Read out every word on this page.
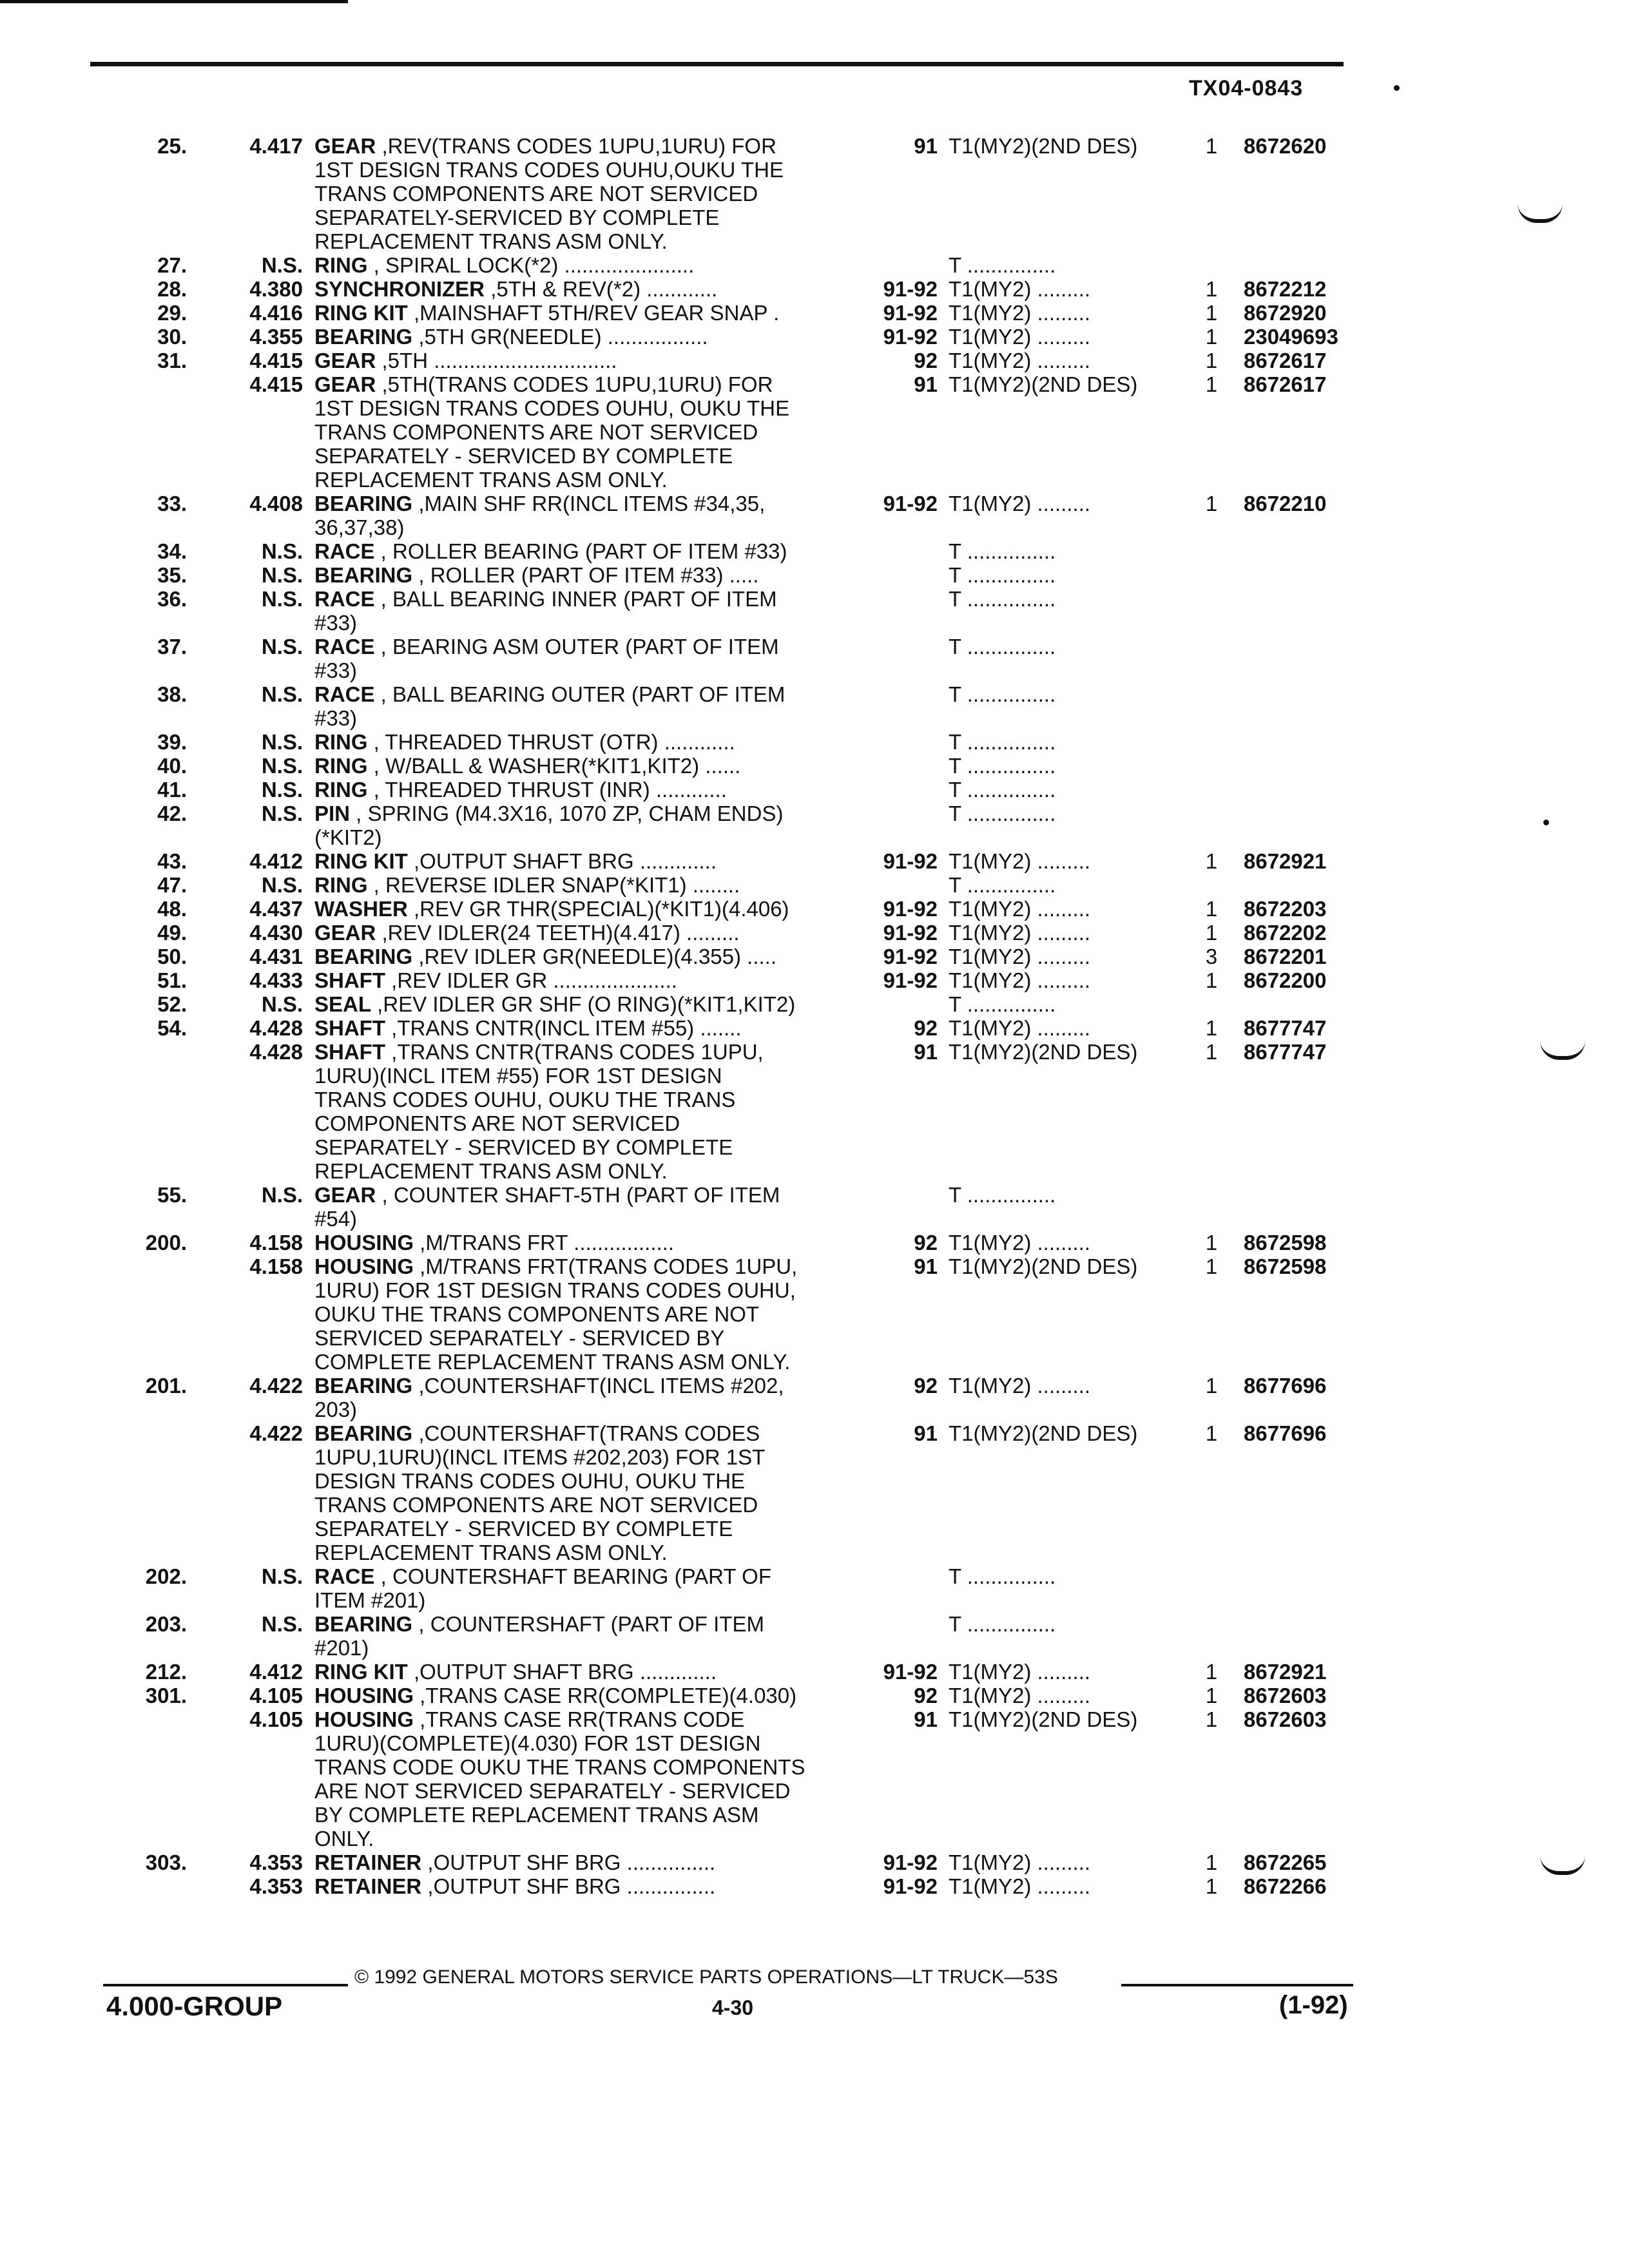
TX04-0843
25.	4.417 GEAR ,REV(TRANS CODES 1UPU,1URU) FOR	91 T1(MY2)(2ND DES)	1	8672620
1ST DESIGN TRANS CODES OUHU,OUKU THE
TRANS COMPONENTS ARE NOT SERVICED
SEPARATELY-SERVICED BY COMPLETE
REPLACEMENT TRANS ASM ONLY.
27.	N.S. RING , SPIRAL LOCK(*2) ......................	T ...............
28.	4.380 SYNCHRONIZER ,5TH & REV(*2) ............	91-92 T1(MY2) .........	1	8672212
29.	4.416 RING KIT ,MAINSHAFT 5TH/REV GEAR SNAP .	91-92 T1(MY2) .........	1	8672920
30.	4.355 BEARING ,5TH GR(NEEDLE) .................	91-92 T1(MY2) .........	1	23049693
31.	4.415 GEAR ,5TH ...............................	92 T1(MY2) .........	1	8672617
4.415 GEAR ,5TH(TRANS CODES 1UPU,1URU) FOR	91 T1(MY2)(2ND DES)	1	8672617
1ST DESIGN TRANS CODES OUHU, OUKU THE
TRANS COMPONENTS ARE NOT SERVICED
SEPARATELY - SERVICED BY COMPLETE
REPLACEMENT TRANS ASM ONLY.
33.	4.408 BEARING ,MAIN SHF RR(INCL ITEMS #34,35,	91-92 T1(MY2) .........	1	8672210
36,37,38)
34.	N.S. RACE , ROLLER BEARING (PART OF ITEM #33)	T ...............
35.	N.S. BEARING , ROLLER (PART OF ITEM #33) .....	T ...............
36.	N.S. RACE , BALL BEARING INNER (PART OF ITEM	T ...............
#33)
37.	N.S. RACE , BEARING ASM OUTER (PART OF ITEM	T ...............
#33)
38.	N.S. RACE , BALL BEARING OUTER (PART OF ITEM	T ...............
#33)
39.	N.S. RING , THREADED THRUST (OTR) ............	T ...............
40.	N.S. RING , W/BALL & WASHER(*KIT1,KIT2) ......	T ...............
41.	N.S. RING , THREADED THRUST (INR) ............	T ...............
42.	N.S. PIN , SPRING (M4.3X16, 1070 ZP, CHAM ENDS)	T ...............
(*KIT2)
43.	4.412 RING KIT ,OUTPUT SHAFT BRG .............	91-92 T1(MY2) .........	1	8672921
47.	N.S. RING , REVERSE IDLER SNAP(*KIT1) ........	T ...............
48.	4.437 WASHER ,REV GR THR(SPECIAL)(*KIT1)(4.406)	91-92 T1(MY2) .........	1	8672203
49.	4.430 GEAR ,REV IDLER(24 TEETH)(4.417) .........	91-92 T1(MY2) .........	1	8672202
50.	4.431 BEARING ,REV IDLER GR(NEEDLE)(4.355) .....	91-92 T1(MY2) .........	3	8672201
51.	4.433 SHAFT ,REV IDLER GR .....................	91-92 T1(MY2) .........	1	8672200
52.	N.S. SEAL ,REV IDLER GR SHF (O RING)(*KIT1,KIT2)	T ...............
54.	4.428 SHAFT ,TRANS CNTR(INCL ITEM #55) .......	92 T1(MY2) .........	1	8677747
4.428 SHAFT ,TRANS CNTR(TRANS CODES 1UPU,	91 T1(MY2)(2ND DES)	1	8677747
1URU)(INCL ITEM #55) FOR 1ST DESIGN
TRANS CODES OUHU, OUKU THE TRANS
COMPONENTS ARE NOT SERVICED
SEPARATELY - SERVICED BY COMPLETE
REPLACEMENT TRANS ASM ONLY.
55.	N.S. GEAR , COUNTER SHAFT-5TH (PART OF ITEM	T ...............
#54)
200.	4.158 HOUSING ,M/TRANS FRT .................	92 T1(MY2) .........	1	8672598
4.158 HOUSING ,M/TRANS FRT(TRANS CODES 1UPU,	91 T1(MY2)(2ND DES)	1	8672598
1URU) FOR 1ST DESIGN TRANS CODES OUHU,
OUKU THE TRANS COMPONENTS ARE NOT
SERVICED SEPARATELY - SERVICED BY
COMPLETE REPLACEMENT TRANS ASM ONLY.
201.	4.422 BEARING ,COUNTERSHAFT(INCL ITEMS #202,	92 T1(MY2) .........	1	8677696
203)
4.422 BEARING ,COUNTERSHAFT(TRANS CODES	91 T1(MY2)(2ND DES)	1	8677696
1UPU,1URU)(INCL ITEMS #202,203) FOR 1ST
DESIGN TRANS CODES OUHU, OUKU THE
TRANS COMPONENTS ARE NOT SERVICED
SEPARATELY - SERVICED BY COMPLETE
REPLACEMENT TRANS ASM ONLY.
202.	N.S. RACE , COUNTERSHAFT BEARING (PART OF	T ...............
ITEM #201)
203.	N.S. BEARING , COUNTERSHAFT (PART OF ITEM	T ...............
#201)
212.	4.412 RING KIT ,OUTPUT SHAFT BRG .............	91-92 T1(MY2) .........	1	8672921
301.	4.105 HOUSING ,TRANS CASE RR(COMPLETE)(4.030)	92 T1(MY2) .........	1	8672603
4.105 HOUSING ,TRANS CASE RR(TRANS CODE	91 T1(MY2)(2ND DES)	1	8672603
1URU)(COMPLETE)(4.030) FOR 1ST DESIGN
TRANS CODE OUKU THE TRANS COMPONENTS
ARE NOT SERVICED SEPARATELY - SERVICED
BY COMPLETE REPLACEMENT TRANS ASM
ONLY.
303.	4.353 RETAINER ,OUTPUT SHF BRG ...............	91-92 T1(MY2) .........	1	8672265
4.353 RETAINER ,OUTPUT SHF BRG ...............	91-92 T1(MY2) .........	1	8672266
© 1992 GENERAL MOTORS SERVICE PARTS OPERATIONS—LT TRUCK—53S
4.000-GROUP	4-30	(1-92)
